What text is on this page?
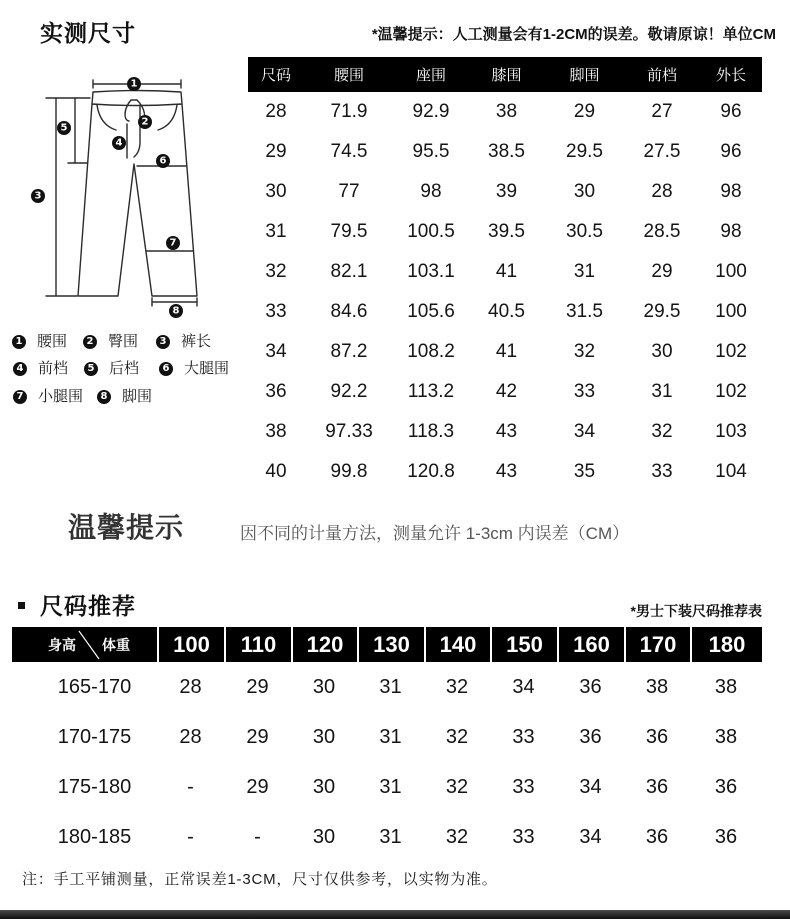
实测尺寸	*温馨提示：人工测量会有1-2CM的误差。敬请原谅！单位CM
1
2
3
4
5
6
7
8
1 腰围	2 臀围	3 裤长
4 前档	5 后档	6 大腿围
7 小腿围	8 脚围
尺码	腰围	座围	膝围	脚围	前档	外长
28	71.9	92.9	38	29	27	96
29	74.5	95.5	38.5	29.5	27.5	96
30	77	98	39	30	28	98
31	79.5	100.5	39.5	30.5	28.5	98
32	82.1	103.1	41	31	29	100
33	84.6	105.6	40.5	31.5	29.5	100
34	87.2	108.2	41	32	30	102
36	92.2	113.2	42	33	31	102
38	97.33	118.3	43	34	32	103
40	99.8	120.8	43	35	33	104
温馨提示	因不同的计量方法，测量允许 1-3cm 内误差（CM）
尺码推荐	*男士下装尺码推荐表
身高 体重	100	110	120	130	140	150	160	170	180
165-170	28	29	30	31	32	34	36	38	38
170-175	28	29	30	31	32	33	36	36	38
175-180	-	29	30	31	32	33	34	36	36
180-185	-	-	30	31	32	33	34	36	36
注：手工平铺测量，正常误差1-3CM，尺寸仅供参考，以实物为准。
